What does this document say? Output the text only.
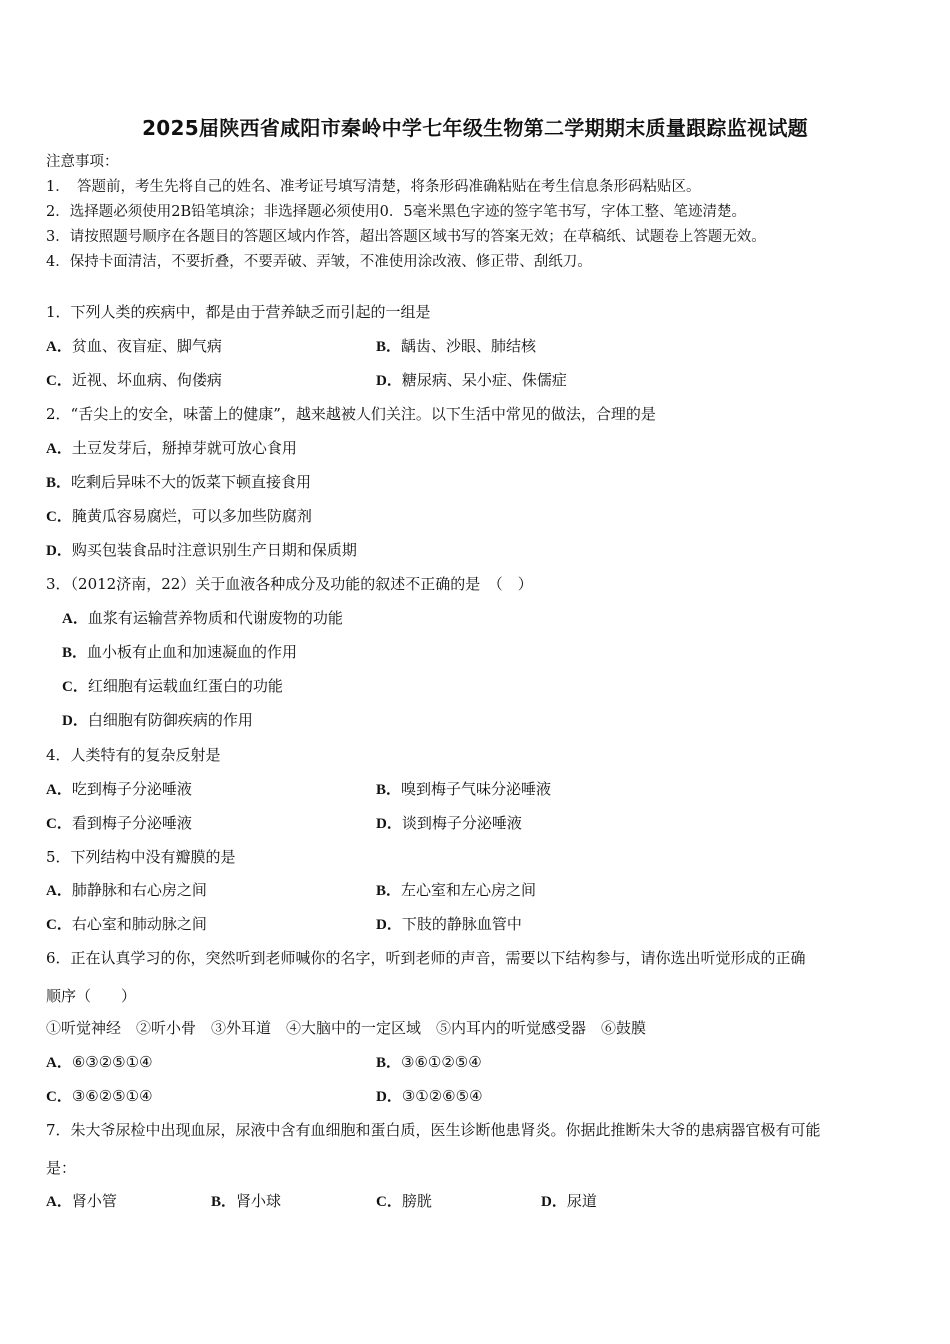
2025届陕西省咸阳市秦岭中学七年级生物第二学期期末质量跟踪监视试题
注意事项：
1．　答题前，考生先将自己的姓名、准考证号填写清楚，将条形码准确粘贴在考生信息条形码粘贴区。
2．选择题必须使用2B铅笔填涂；非选择题必须使用0．5毫米黑色字迹的签字笔书写，字体工整、笔迹清楚。
3．请按照题号顺序在各题目的答题区域内作答，超出答题区域书写的答案无效；在草稿纸、试题卷上答题无效。
4．保持卡面清洁，不要折叠，不要弄破、弄皱，不准使用涂改液、修正带、刮纸刀。
1．下列人类的疾病中，都是由于营养缺乏而引起的一组是
A．贫血、夜盲症、脚气病	B．龋齿、沙眼、肺结核
C．近视、坏血病、佝偻病	D．糖尿病、呆小症、侏儒症
2．“舌尖上的安全，味蕾上的健康”，越来越被人们关注。以下生活中常见的做法，合理的是
A．土豆发芽后，掰掉芽就可放心食用
B．吃剩后异味不大的饭菜下顿直接食用
C．腌黄瓜容易腐烂，可以多加些防腐剂
D．购买包装食品时注意识别生产日期和保质期
3．（2012济南，22）关于血液各种成分及功能的叙述不正确的是　（　）
A．血浆有运输营养物质和代谢废物的功能
B．血小板有止血和加速凝血的作用
C．红细胞有运载血红蛋白的功能
D．白细胞有防御疾病的作用
4．人类特有的复杂反射是
A．吃到梅子分泌唾液	B．嗅到梅子气味分泌唾液
C．看到梅子分泌唾液	D．谈到梅子分泌唾液
5．下列结构中没有瓣膜的是
A．肺静脉和右心房之间	B．左心室和左心房之间
C．右心室和肺动脉之间	D．下肢的静脉血管中
6．正在认真学习的你，突然听到老师喊你的名字，听到老师的声音，需要以下结构参与，请你选出听觉形成的正确
顺序（　　）
①听觉神经　②听小骨　③外耳道　④大脑中的一定区域　⑤内耳内的听觉感受器　⑥鼓膜
A．⑥③②⑤①④	B．③⑥①②⑤④
C．③⑥②⑤①④	D．③①②⑥⑤④
7．朱大爷尿检中出现血尿，尿液中含有血细胞和蛋白质，医生诊断他患肾炎。你据此推断朱大爷的患病器官极有可能
是：
A．肾小管	B．肾小球	C．膀胱	D．尿道
